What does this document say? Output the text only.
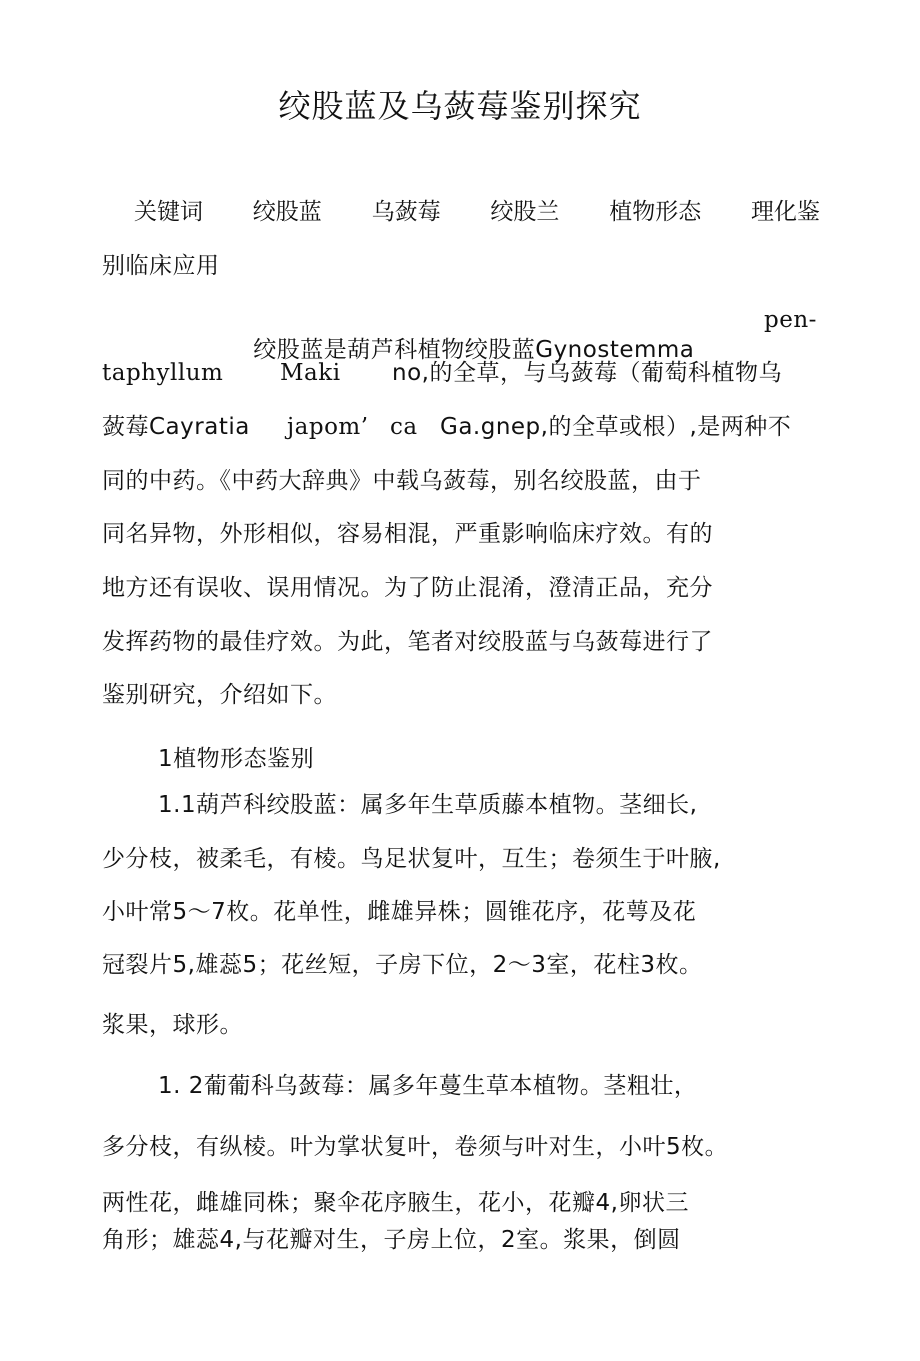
绞股蓝及乌蔹莓鉴别探究
关键词 绞股蓝 乌蔹莓 绞股兰 植物形态 理化鉴
别临床应用

绞股蓝是葫芦科植物绞股蓝Gynostemma

pen-
taphyllum Maki no,的全草，与乌蔹莓（葡萄科植物乌
蔹莓Cayratia japom’ ca Ga.gnep,的全草或根）,是两种不
同的中药。《中药大辞典》中载乌蔹莓，别名绞股蓝，由于
同名异物，外形相似，容易相混，严重影响临床疗效。有的
地方还有误收、误用情况。为了防止混淆，澄清正品，充分
发挥药物的最佳疗效。为此，笔者对绞股蓝与乌蔹莓进行了
鉴别研究，介绍如下。
1植物形态鉴别
1.1葫芦科绞股蓝：属多年生草质藤本植物。茎细长,
少分枝，被柔毛，有棱。鸟足状复叶，互生；卷须生于叶腋,
小叶常5～7枚。花单性，雌雄异株；圆锥花序，花萼及花
冠裂片5,雄蕊5；花丝短，子房下位，2～3室，花柱3枚。
浆果，球形。
1. 2葡葡科乌蔹莓：属多年蔓生草本植物。茎粗壮，
多分枝，有纵棱。叶为掌状复叶，卷须与叶对生，小叶5枚。
两性花，雌雄同株；聚伞花序腋生，花小，花瓣4,卵状三
角形；雄蕊4,与花瓣对生，子房上位，2室。浆果，倒圆
